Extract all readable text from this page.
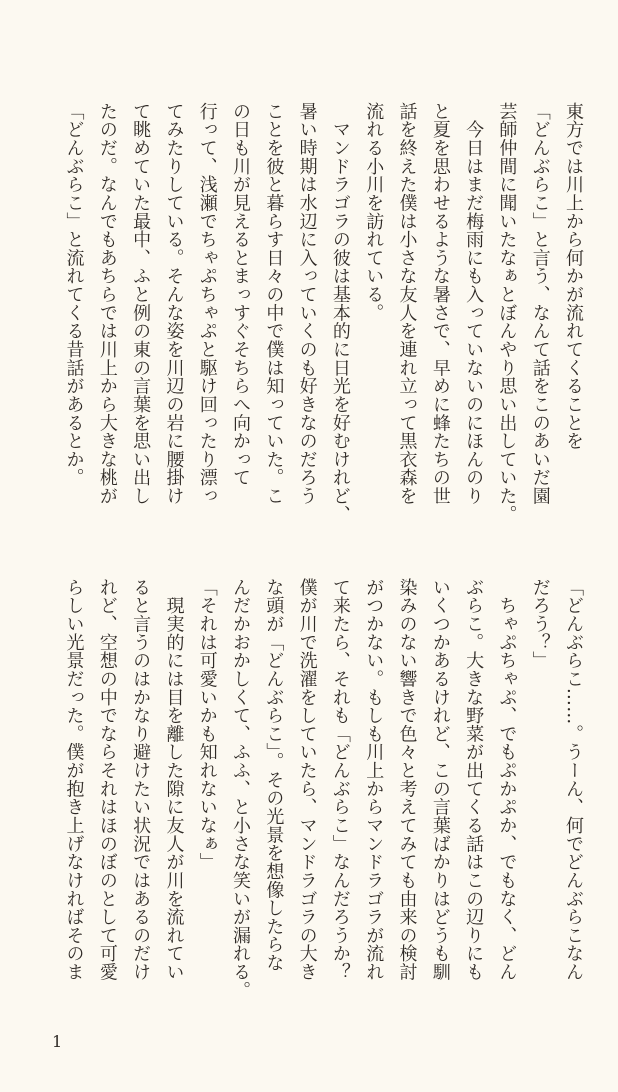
東方では川上から何かが流れてくることを
「どんぶらこ」と言う、なんて話をこのあいだ園
芸師仲間に聞いたなぁとぼんやり思い出していた。
　今日はまだ梅雨にも入っていないのにほんのり
と夏を思わせるような暑さで、早めに蜂たちの世
話を終えた僕は小さな友人を連れ立って黒衣森を
流れる小川を訪れている。
　マンドラゴラの彼は基本的に日光を好むけれど、
暑い時期は水辺に入っていくのも好きなのだろう
ことを彼と暮らす日々の中で僕は知っていた。こ
の日も川が見えるとまっすぐそちらへ向かって
行って、浅瀬でちゃぷちゃぷと駆け回ったり漂っ
てみたりしている。そんな姿を川辺の岩に腰掛け
て眺めていた最中、ふと例の東の言葉を思い出し
たのだ。なんでもあちらでは川上から大きな桃が
「どんぶらこ」と流れてくる昔話があるとか。
「どんぶらこ……。うーん、何でどんぶらこなん
だろう？」
　ちゃぷちゃぷ、でもぷかぷか、でもなく、どん
ぶらこ。大きな野菜が出てくる話はこの辺りにも
いくつかあるけれど、この言葉ばかりはどうも馴
染みのない響きで色々と考えてみても由来の検討
がつかない。もしも川上からマンドラゴラが流れ
て来たら、それも「どんぶらこ」なんだろうか？
僕が川で洗濯をしていたら、マンドラゴラの大き
な頭が「どんぶらこ」。その光景を想像したらな
んだかおかしくて、ふふ、と小さな笑いが漏れる。
「それは可愛いかも知れないなぁ」
　現実的には目を離した隙に友人が川を流れてい
ると言うのはかなり避けたい状況ではあるのだけ
れど、空想の中でならそれはほのぼのとして可愛
らしい光景だった。僕が抱き上げなければそのま
1
